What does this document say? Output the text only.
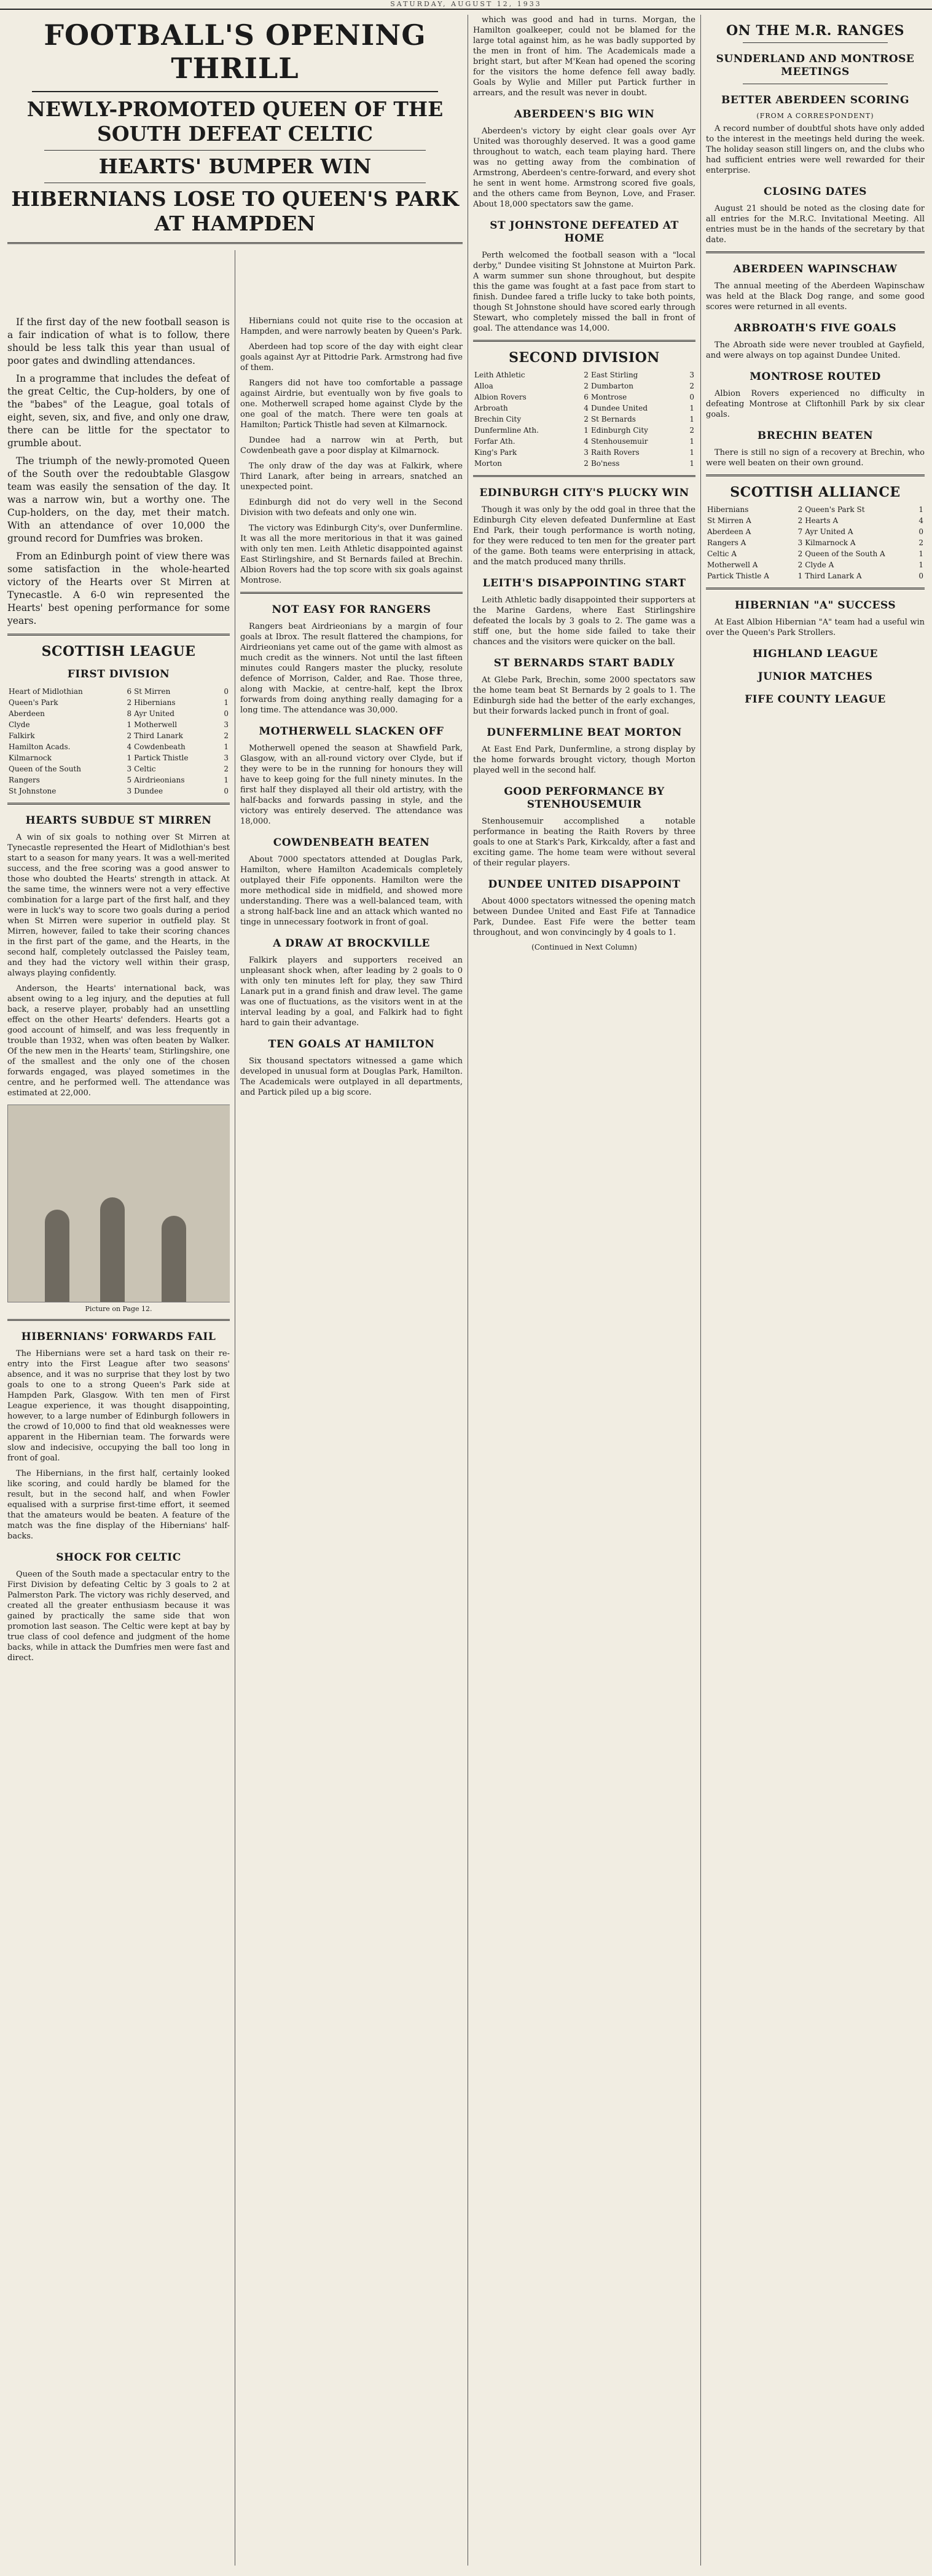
SATURDAY, AUGUST 12, 1933
FOOTBALL'S OPENING THRILL
NEWLY-PROMOTED QUEEN OF THE SOUTH DEFEAT CELTIC
HEARTS' BUMPER WIN
HIBERNIANS LOSE TO QUEEN'S PARK AT HAMPDEN

If the first day of the new football season is a fair indication of what is to follow, there should be less talk this year than usual of poor gates and dwindling attendances.

In a programme that includes the defeat of the great Celtic, the Cup-holders, by one of the "babes" of the League, goal totals of eight, seven, six, and five, and only one draw, there can be little for the spectator to grumble about.

The triumph of the newly-promoted Queen of the South over the redoubtable Glasgow team was easily the sensation of the day. It was a narrow win, but a worthy one. The Cup-holders, on the day, met their match. With an attendance of over 10,000 the ground record for Dumfries was broken.

From an Edinburgh point of view there was some satisfaction in the whole-hearted victory of the Hearts over St Mirren at Tynecastle. A 6-0 win represented the Hearts' best opening performance for some years.

SCOTTISH LEAGUE
FIRST DIVISION
Heart of Midlothian	6	St Mirren	0
Queen's Park	2	Hibernians	1
Aberdeen	8	Ayr United	0
Clyde	1	Motherwell	3
Falkirk	2	Third Lanark	2
Hamilton Acads.	4	Cowdenbeath	1
Kilmarnock	1	Partick Thistle	3
Queen of the South	3	Celtic	2
Rangers	5	Airdrieonians	1
St Johnstone	3	Dundee	0
HEARTS SUBDUE ST MIRREN

A win of six goals to nothing over St Mirren at Tynecastle represented the Heart of Midlothian's best start to a season for many years. It was a well-merited success, and the free scoring was a good answer to those who doubted the Hearts' strength in attack. At the same time, the winners were not a very effective combination for a large part of the first half, and they were in luck's way to score two goals during a period when St Mirren were superior in outfield play. St Mirren, however, failed to take their scoring chances in the first part of the game, and the Hearts, in the second half, completely outclassed the Paisley team, and they had the victory well within their grasp, always playing confidently.

Anderson, the Hearts' international back, was absent owing to a leg injury, and the deputies at full back, a reserve player, probably had an unsettling effect on the other Hearts' defenders. Hearts got a good account of himself, and was less frequently in trouble than 1932, when was often beaten by Walker. Of the new men in the Hearts' team, Stirlingshire, one of the smallest and the only one of the chosen forwards engaged, was played sometimes in the centre, and he performed well. The attendance was estimated at 22,000.

Picture on Page 12.
HIBERNIANS' FORWARDS FAIL

The Hibernians were set a hard task on their re-entry into the First League after two seasons' absence, and it was no surprise that they lost by two goals to one to a strong Queen's Park side at Hampden Park, Glasgow. With ten men of First League experience, it was thought disappointing, however, to a large number of Edinburgh followers in the crowd of 10,000 to find that old weaknesses were apparent in the Hibernian team. The forwards were slow and indecisive, occupying the ball too long in front of goal.

The Hibernians, in the first half, certainly looked like scoring, and could hardly be blamed for the result, but in the second half, and when Fowler equalised with a surprise first-time effort, it seemed that the amateurs would be beaten. A feature of the match was the fine display of the Hibernians' half-backs.

SHOCK FOR CELTIC

Queen of the South made a spectacular entry to the First Division by defeating Celtic by 3 goals to 2 at Palmerston Park. The victory was richly deserved, and created all the greater enthusiasm because it was gained by practically the same side that won promotion last season. The Celtic were kept at bay by true class of cool defence and judgment of the home backs, while in attack the Dumfries men were fast and direct.

Hibernians could not quite rise to the occasion at Hampden, and were narrowly beaten by Queen's Park.

Aberdeen had top score of the day with eight clear goals against Ayr at Pittodrie Park. Armstrong had five of them.

Rangers did not have too comfortable a passage against Airdrie, but eventually won by five goals to one. Motherwell scraped home against Clyde by the one goal of the match. There were ten goals at Hamilton; Partick Thistle had seven at Kilmarnock.

Dundee had a narrow win at Perth, but Cowdenbeath gave a poor display at Kilmarnock.

The only draw of the day was at Falkirk, where Third Lanark, after being in arrears, snatched an unexpected point.

Edinburgh did not do very well in the Second Division with two defeats and only one win.

The victory was Edinburgh City's, over Dunfermline. It was all the more meritorious in that it was gained with only ten men. Leith Athletic disappointed against East Stirlingshire, and St Bernards failed at Brechin. Albion Rovers had the top score with six goals against Montrose.

NOT EASY FOR RANGERS

Rangers beat Airdrieonians by a margin of four goals at Ibrox. The result flattered the champions, for Airdrieonians yet came out of the game with almost as much credit as the winners. Not until the last fifteen minutes could Rangers master the plucky, resolute defence of Morrison, Calder, and Rae. Those three, along with Mackie, at centre-half, kept the Ibrox forwards from doing anything really damaging for a long time. The attendance was 30,000.

MOTHERWELL SLACKEN OFF

Motherwell opened the season at Shawfield Park, Glasgow, with an all-round victory over Clyde, but if they were to be in the running for honours they will have to keep going for the full ninety minutes. In the first half they displayed all their old artistry, with the half-backs and forwards passing in style, and the victory was entirely deserved. The attendance was 18,000.

COWDENBEATH BEATEN

About 7000 spectators attended at Douglas Park, Hamilton, where Hamilton Academicals completely outplayed their Fife opponents. Hamilton were the more methodical side in midfield, and showed more understanding. There was a well-balanced team, with a strong half-back line and an attack which wanted no tinge in unnecessary footwork in front of goal.

A DRAW AT BROCKVILLE

Falkirk players and supporters received an unpleasant shock when, after leading by 2 goals to 0 with only ten minutes left for play, they saw Third Lanark put in a grand finish and draw level. The game was one of fluctuations, as the visitors went in at the interval leading by a goal, and Falkirk had to fight hard to gain their advantage.

TEN GOALS AT HAMILTON

Six thousand spectators witnessed a game which developed in unusual form at Douglas Park, Hamilton. The Academicals were outplayed in all departments, and Partick piled up a big score.

which was good and had in turns. Morgan, the Hamilton goalkeeper, could not be blamed for the large total against him, as he was badly supported by the men in front of him. The Academicals made a bright start, but after M'Kean had opened the scoring for the visitors the home defence fell away badly. Goals by Wylie and Miller put Partick further in arrears, and the result was never in doubt.

ABERDEEN'S BIG WIN

Aberdeen's victory by eight clear goals over Ayr United was thoroughly deserved. It was a good game throughout to watch, each team playing hard. There was no getting away from the combination of Armstrong, Aberdeen's centre-forward, and every shot he sent in went home. Armstrong scored five goals, and the others came from Beynon, Love, and Fraser. About 18,000 spectators saw the game.

ST JOHNSTONE DEFEATED AT HOME

Perth welcomed the football season with a "local derby," Dundee visiting St Johnstone at Muirton Park. A warm summer sun shone throughout, but despite this the game was fought at a fast pace from start to finish. Dundee fared a trifle lucky to take both points, though St Johnstone should have scored early through Stewart, who completely missed the ball in front of goal. The attendance was 14,000.

SECOND DIVISION
Leith Athletic	2	East Stirling	3
Alloa	2	Dumbarton	2
Albion Rovers	6	Montrose	0
Arbroath	4	Dundee United	1
Brechin City	2	St Bernards	1
Dunfermline Ath.	1	Edinburgh City	2
Forfar Ath.	4	Stenhousemuir	1
King's Park	3	Raith Rovers	1
Morton	2	Bo'ness	1
EDINBURGH CITY'S PLUCKY WIN

Though it was only by the odd goal in three that the Edinburgh City eleven defeated Dunfermline at East End Park, their tough performance is worth noting, for they were reduced to ten men for the greater part of the game. Both teams were enterprising in attack, and the match produced many thrills.

LEITH'S DISAPPOINTING START

Leith Athletic badly disappointed their supporters at the Marine Gardens, where East Stirlingshire defeated the locals by 3 goals to 2. The game was a stiff one, but the home side failed to take their chances and the visitors were quicker on the ball.

ST BERNARDS START BADLY

At Glebe Park, Brechin, some 2000 spectators saw the home team beat St Bernards by 2 goals to 1. The Edinburgh side had the better of the early exchanges, but their forwards lacked punch in front of goal.

DUNFERMLINE BEAT MORTON

At East End Park, Dunfermline, a strong display by the home forwards brought victory, though Morton played well in the second half.

GOOD PERFORMANCE BY STENHOUSEMUIR

Stenhousemuir accomplished a notable performance in beating the Raith Rovers by three goals to one at Stark's Park, Kirkcaldy, after a fast and exciting game. The home team were without several of their regular players.

DUNDEE UNITED DISAPPOINT

About 4000 spectators witnessed the opening match between Dundee United and East Fife at Tannadice Park, Dundee. East Fife were the better team throughout, and won convincingly by 4 goals to 1.

(Continued in Next Column)
ON THE M.R. RANGES
SUNDERLAND AND MONTROSE MEETINGS
BETTER ABERDEEN SCORING
(FROM A CORRESPONDENT)

A record number of doubtful shots have only added to the interest in the meetings held during the week. The holiday season still lingers on, and the clubs who had sufficient entries were well rewarded for their enterprise.

CLOSING DATES

August 21 should be noted as the closing date for all entries for the M.R.C. Invitational Meeting. All entries must be in the hands of the secretary by that date.

ABERDEEN WAPINSCHAW

The annual meeting of the Aberdeen Wapinschaw was held at the Black Dog range, and some good scores were returned in all events.

ARBROATH'S FIVE GOALS

The Abroath side were never troubled at Gayfield, and were always on top against Dundee United.

MONTROSE ROUTED

Albion Rovers experienced no difficulty in defeating Montrose at Cliftonhill Park by six clear goals.

BRECHIN BEATEN

There is still no sign of a recovery at Brechin, who were well beaten on their own ground.

SCOTTISH ALLIANCE
Hibernians	2	Queen's Park St	1
St Mirren A	2	Hearts A	4
Aberdeen A	7	Ayr United A	0
Rangers A	3	Kilmarnock A	2
Celtic A	2	Queen of the South A	1
Motherwell A	2	Clyde A	1
Partick Thistle A	1	Third Lanark A	0
HIBERNIAN "A" SUCCESS

At East Albion Hibernian "A" team had a useful win over the Queen's Park Strollers.

HIGHLAND LEAGUE
JUNIOR MATCHES
FIFE COUNTY LEAGUE
